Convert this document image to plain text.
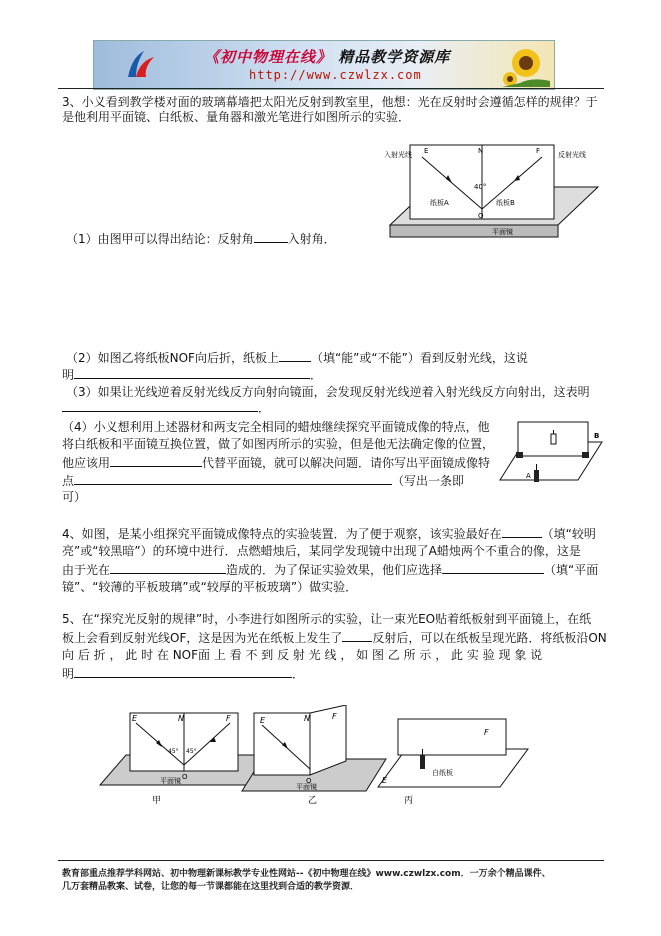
《初中物理在线》 精品教学资源库
http://www.czwlzx.com
3、小义看到教学楼对面的玻璃幕墙把太阳光反射到教室里，他想：光在反射时会遵循怎样的规律？于
是他利用平面镜、白纸板、量角器和激光笔进行如图所示的实验．
入射光线	反射光线
E	N	F
40°
纸板A	纸板B
O
平面镜
（1）由图甲可以得出结论：反射角	入射角．
（2）如图乙将纸板NOF向后折，纸板上	（填“能”或“不能”）看到反射光线，这说
明	．
（3）如果让光线逆着反射光线反方向射向镜面，会发现反射光线逆着入射光线反方向射出，这表明
．
（4）小义想利用上述器材和两支完全相同的蜡烛继续探究平面镜成像的特点，他
将白纸板和平面镜互换位置，做了如图丙所示的实验，但是他无法确定像的位置，
他应该用	代替平面镜，就可以解决问题．请你写出平面镜成像特
点	（写出一条即
可）
A
B
4、如图，是某小组探究平面镜成像特点的实验装置．为了便于观察，该实验最好在	（填“较明
亮”或“较黑暗”）的环境中进行．点燃蜡烛后，某同学发现镜中出现了A蜡烛两个不重合的像，这是
由于光在	造成的．为了保证实验效果，他们应选择	（填“平面
镜”、“较薄的平板玻璃”或“较厚的平板玻璃”）做实验．
5、在“探究光反射的规律”时，小李进行如图所示的实验，让一束光EO贴着纸板射到平面镜上，在纸
板上会看到反射光线OF，这是因为光在纸板上发生了	反射后，可以在纸板呈现光路．将纸板沿ON
向 后 折 ， 此 时 在 NOF面 上 看 不 到 反 射 光 线 ， 如 图 乙 所 示 ， 此 实 验 现 象 说
明	．
E	N	F
45° 45°
O
平面镜
甲
E	N	F
O
平面镜
乙
E
F
白纸板
丙
教育部重点推荐学科网站、初中物理新课标教学专业性网站--《初中物理在线》www.czwlzx.com．一万余个精品课件、
几万套精品教案、试卷，让您的每一节课都能在这里找到合适的教学资源．
